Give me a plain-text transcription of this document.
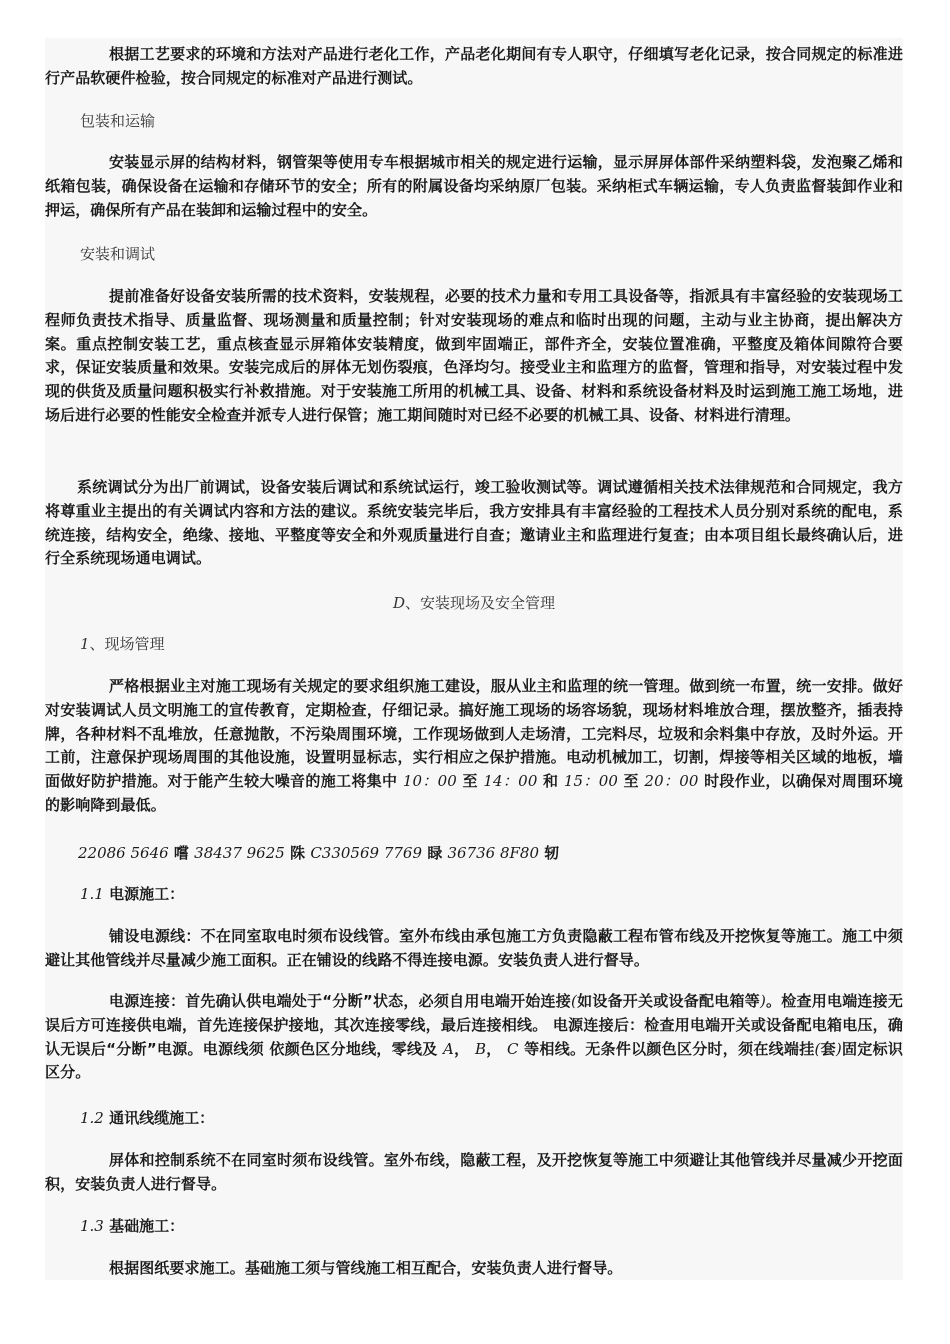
根据工艺要求的环境和方法对产品进行老化工作，产品老化期间有专人职守，仔细填写老化记录，按合同规定的标准进行产品软硬件检验，按合同规定的标准对产品进行测试。

包装和运输

安装显示屏的结构材料，钢管架等使用专车根据城市相关的规定进行运输，显示屏屏体部件采纳塑料袋，发泡聚乙烯和纸箱包装，确保设备在运输和存储环节的安全；所有的附属设备均采纳原厂包装。采纳柜式车辆运输，专人负责监督装卸作业和押运，确保所有产品在装卸和运输过程中的安全。

安装和调试

提前准备好设备安装所需的技术资料，安装规程，必要的技术力量和专用工具设备等，指派具有丰富经验的安装现场工程师负责技术指导、质量监督、现场测量和质量控制；针对安装现场的难点和临时出现的问题，主动与业主协商，提出解决方案。重点控制安装工艺，重点核查显示屏箱体安装精度，做到牢固端正，部件齐全，安装位置准确，平整度及箱体间隙符合要求，保证安装质量和效果。安装完成后的屏体无划伤裂痕，色泽均匀。接受业主和监理方的监督，管理和指导，对安装过程中发现的供货及质量问题积极实行补救措施。对于安装施工所用的机械工具、设备、材料和系统设备材料及时运到施工施工场地，进场后进行必要的性能安全检查并派专人进行保管；施工期间随时对已经不必要的机械工具、设备、材料进行清理。

系统调试分为出厂前调试，设备安装后调试和系统试运行，竣工验收测试等。调试遵循相关技术法律规范和合同规定，我方将尊重业主提出的有关调试内容和方法的建议。系统安装完毕后，我方安排具有丰富经验的工程技术人员分别对系统的配电，系统连接，结构安全，绝缘、接地、平整度等安全和外观质量进行自查；邀请业主和监理进行复查；由本项目组长最终确认后，进行全系统现场通电调试。

D、安装现场及安全管理

1、现场管理

严格根据业主对施工现场有关规定的要求组织施工建设，服从业主和监理的统一管理。做到统一布置，统一安排。做好对安装调试人员文明施工的宣传教育，定期检查，仔细记录。搞好施工现场的场容场貌，现场材料堆放合理，摆放整齐，插表持牌，各种材料不乱堆放，任意抛散，不污染周围环境，工作现场做到人走场清，工完料尽，垃圾和余料集中存放，及时外运。开工前，注意保护现场周围的其他设施，设置明显标志，实行相应之保护措施。电动机械加工，切割，焊接等相关区域的地板，墙面做好防护措施。对于能产生较大噪音的施工将集中 10：00 至 14：00 和 15：00 至 20：00 时段作业，以确保对周围环境的影响降到最低。

22086 5646 嚐 38437 9625 陎 C330569 7769 睩 36736 8F80 轫

1.1 电源施工：

铺设电源线：不在同室取电时须布设线管。室外布线由承包施工方负责隐蔽工程布管布线及开挖恢复等施工。施工中须避让其他管线并尽量减少施工面积。正在铺设的线路不得连接电源。安装负责人进行督导。

电源连接：首先确认供电端处于“分断”状态，必须自用电端开始连接(如设备开关或设备配电箱等)。检查用电端连接无误后方可连接供电端，首先连接保护接地，其次连接零线，最后连接相线。 电源连接后：检查用电端开关或设备配电箱电压，确认无误后“分断”电源。电源线须 依颜色区分地线，零线及 A， B， C 等相线。无条件以颜色区分时，须在线端挂(套)固定标识区分。

1.2 通讯线缆施工：

屏体和控制系统不在同室时须布设线管。室外布线，隐蔽工程，及开挖恢复等施工中须避让其他管线并尽量减少开挖面积，安装负责人进行督导。

1.3 基础施工：

根据图纸要求施工。基础施工须与管线施工相互配合，安装负责人进行督导。
